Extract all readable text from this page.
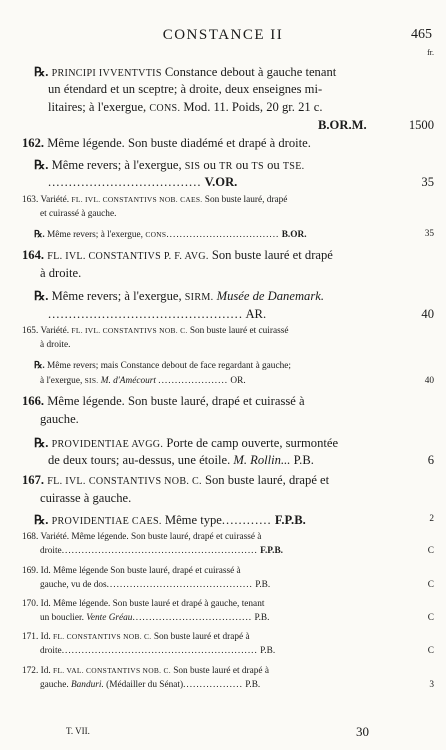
CONSTANCE II	465
fr.
℞. PRINCIPI IVVENTVTIS Constance debout à gauche tenant
un étendard et un sceptre; à droite, deux enseignes mi-
litaires; à l'exergue, CONS. Mod. 11. Poids, 20 gr. 21 c.
B.OR.M.	1500
162. Même légende. Son buste diadémé et drapé à droite.
℞. Même revers; à l'exergue, SIS ou TR ou TS ou TSE.
..................................... V.OR.	35
163. Variété. FL. IVL. CONSTANTIVS NOB. CAES. Son buste lauré, drapé
et cuirassé à gauche.
℞. Même revers; à l'exergue, CONS.................................. B.OR.	35
164. FL. IVL. CONSTANTIVS P. F. AVG. Son buste lauré et drapé
à droite.
℞. Même revers; à l'exergue, SIRM. Musée de Danemark.
............................................... AR.	40
165. Variété. FL. IVL. CONSTANTIVS NOB. C. Son buste lauré et cuirassé
à droite.
℞. Même revers; mais Constance debout de face regardant à gauche;
à l'exergue, SIS. M. d'Amécourt ..................... OR.	40
166. Même légende. Son buste lauré, drapé et cuirassé à
gauche.
℞. PROVIDENTIAE AVGG. Porte de camp ouverte, surmontée
de deux tours; au-dessus, une étoile. M. Rollin... P.B.	6
167. FL. IVL. CONSTANTIVS NOB. C. Son buste lauré, drapé et
cuirasse à gauche.
℞. PROVIDENTIAE CAES. Même type............ F.P.B.	2
168. Variété. Même légende. Son buste lauré, drapé et cuirassé à
droite........................................................... F.P.B.	C
169. Id. Même légende Son buste lauré, drapé et cuirassé à
gauche, vu de dos............................................ P.B.	C
170. Id. Même légende. Son buste lauré et drapé à gauche, tenant
un bouclier. Vente Gréau.................................... P.B.	C
171. Id. FL. CONSTANTIVS NOB. C. Son buste lauré et drapé à
droite........................................................... P.B.	C
172. Id. FL. VAL. CONSTANTIVS NOB. C. Son buste lauré et drapé à
gauche. Banduri. (Médailler du Sénat).................. P.B.	3
T. VII.	30
